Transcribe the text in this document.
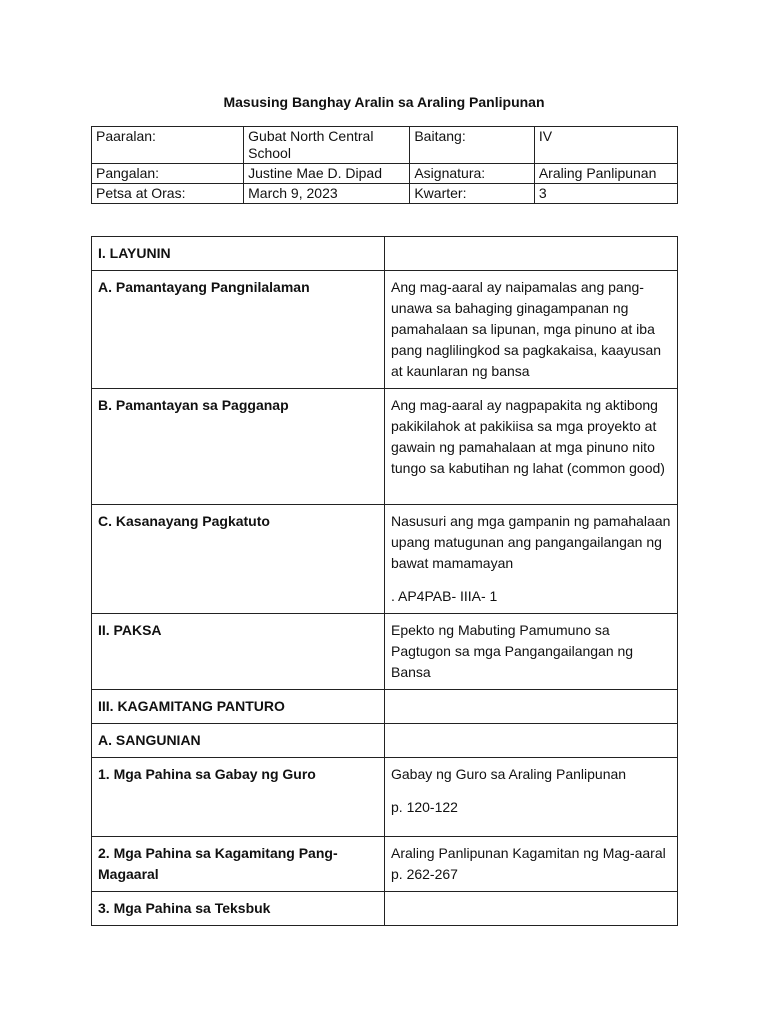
Masusing Banghay Aralin sa Araling Panlipunan
Paaralan:	Gubat North Central School	Baitang:	IV
Pangalan:	Justine Mae D. Dipad	Asignatura:	Araling Panlipunan
Petsa at Oras:	March 9, 2023	Kwarter:	3
I. LAYUNIN	
A. Pamantayang Pangnilalaman	Ang mag-aaral ay naipamalas ang pang-unawa sa bahaging ginagampanan ng pamahalaan sa lipunan, mga pinuno at iba pang naglilingkod sa pagkakaisa, kaayusan at kaunlaran ng bansa

B. Pamantayan sa Pagganap	Ang mag-aaral ay nagpapakita ng aktibong pakikilahok at pakikiisa sa mga proyekto at gawain ng pamahalaan at mga pinuno nito tungo sa kabutihan ng lahat (common good)

C. Kasanayang Pagkatuto	Nasusuri ang mga gampanin ng pamahalaan upang matugunan ang pangangailangan ng bawat mamamayan

. AP4PAB- IIIA- 1

II. PAKSA	Epekto ng Mabuting Pamumuno sa Pagtugon sa mga Pangangailangan ng Bansa

III. KAGAMITANG PANTURO	
A. SANGUNIAN	
1. Mga Pahina sa Gabay ng Guro	Gabay ng Guro sa Araling Panlipunan

p. 120-122

2. Mga Pahina sa Kagamitang Pang-Magaaral	Araling Panlipunan Kagamitan ng Mag-aaral p. 262-267

3. Mga Pahina sa Teksbuk	
